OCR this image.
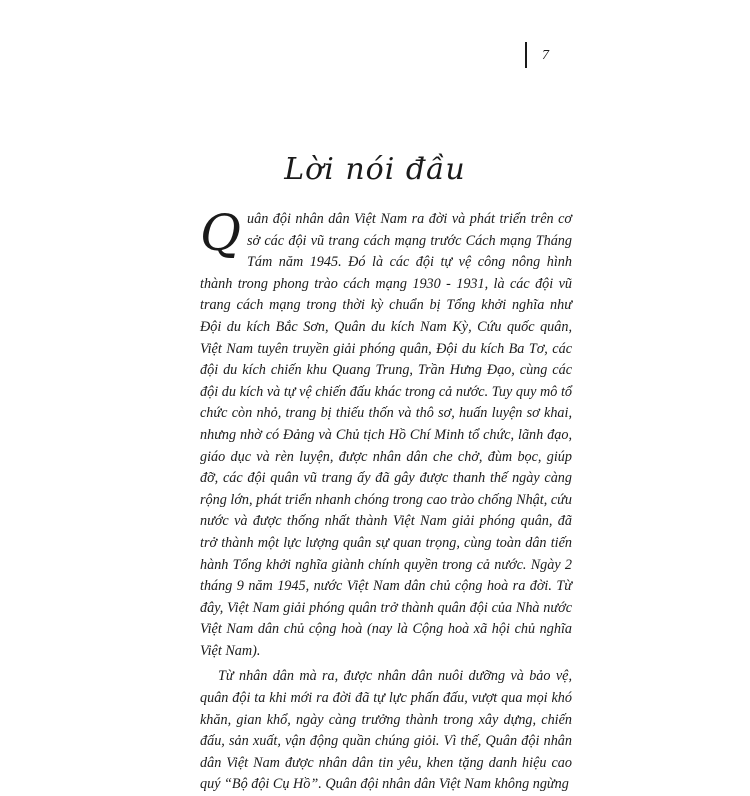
7
Lời nói đầu

Quân đội nhân dân Việt Nam ra đời và phát triển trên cơ sở các đội vũ trang cách mạng trước Cách mạng Tháng Tám năm 1945. Đó là các đội tự vệ công nông hình thành trong phong trào cách mạng 1930 - 1931, là các đội vũ trang cách mạng trong thời kỳ chuẩn bị Tổng khởi nghĩa như Đội du kích Bắc Sơn, Quân du kích Nam Kỳ, Cứu quốc quân, Việt Nam tuyên truyền giải phóng quân, Đội du kích Ba Tơ, các đội du kích chiến khu Quang Trung, Trần Hưng Đạo, cùng các đội du kích và tự vệ chiến đấu khác trong cả nước. Tuy quy mô tổ chức còn nhỏ, trang bị thiếu thốn và thô sơ, huấn luyện sơ khai, nhưng nhờ có Đảng và Chủ tịch Hồ Chí Minh tổ chức, lãnh đạo, giáo dục và rèn luyện, được nhân dân che chở, đùm bọc, giúp đỡ, các đội quân vũ trang ấy đã gây được thanh thế ngày càng rộng lớn, phát triển nhanh chóng trong cao trào chống Nhật, cứu nước và được thống nhất thành Việt Nam giải phóng quân, đã trở thành một lực lượng quân sự quan trọng, cùng toàn dân tiến hành Tổng khởi nghĩa giành chính quyền trong cả nước. Ngày 2 tháng 9 năm 1945, nước Việt Nam dân chủ cộng hoà ra đời. Từ đây, Việt Nam giải phóng quân trở thành quân đội của Nhà nước Việt Nam dân chủ cộng hoà (nay là Cộng hoà xã hội chủ nghĩa Việt Nam).

Từ nhân dân mà ra, được nhân dân nuôi dưỡng và bảo vệ, quân đội ta khi mới ra đời đã tự lực phấn đấu, vượt qua mọi khó khăn, gian khổ, ngày càng trưởng thành trong xây dựng, chiến đấu, sản xuất, vận động quần chúng giỏi. Vì thế, Quân đội nhân dân Việt Nam được nhân dân tin yêu, khen tặng danh hiệu cao quý “Bộ đội Cụ Hồ”. Quân đội nhân dân Việt Nam không ngừng
